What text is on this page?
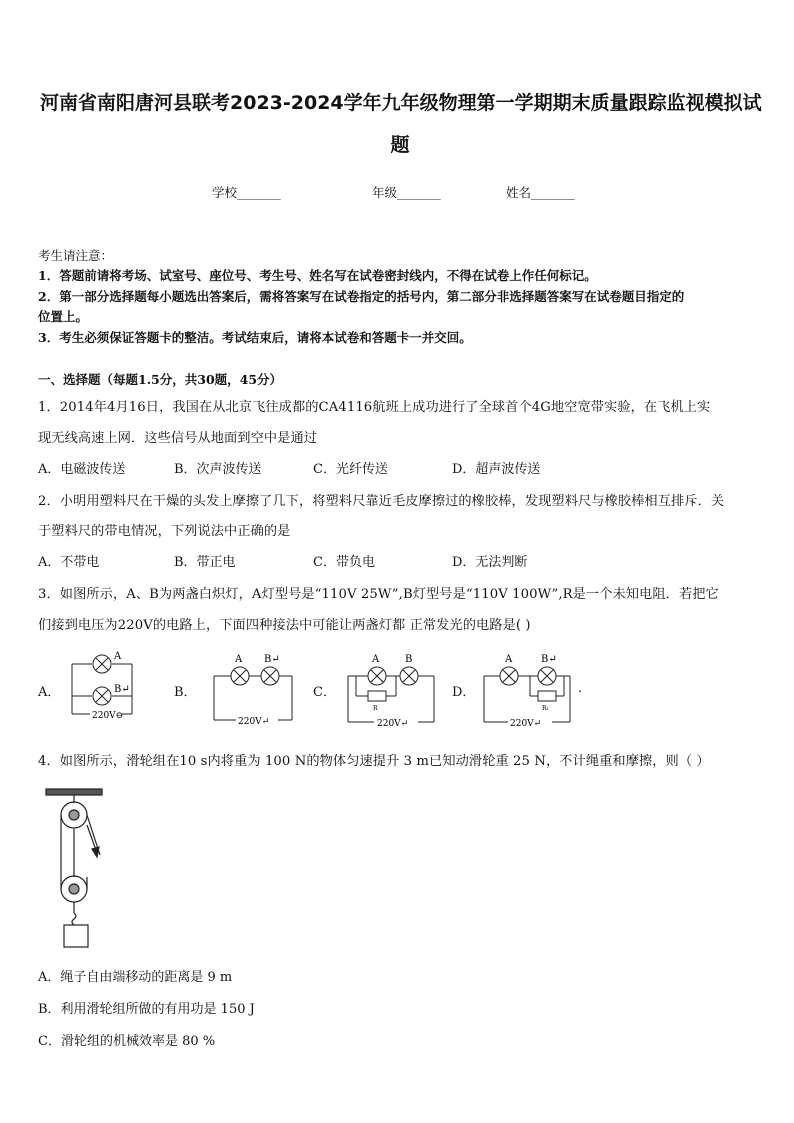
河南省南阳唐河县联考2023-2024学年九年级物理第一学期期末质量跟踪监视模拟试
题
学校_______	年级_______	姓名_______
考生请注意：
1．答题前请将考场、试室号、座位号、考生号、姓名写在试卷密封线内，不得在试卷上作任何标记。
2．第一部分选择题每小题选出答案后，需将答案写在试卷指定的括号内，第二部分非选择题答案写在试卷题目指定的
位置上。
3．考生必须保证答题卡的整洁。考试结束后，请将本试卷和答题卡一并交回。
一、选择题（每题1.5分，共30题，45分）
1．2014年4月16日，我国在从北京飞往成都的CA4116航班上成功进行了全球首个4G地空宽带实验，在飞机上实
现无线高速上网．这些信号从地面到空中是通过
A．电磁波传送	B．次声波传送	C．光纤传送	D．超声波传送
2．小明用塑料尺在干燥的头发上摩擦了几下，将塑料尺靠近毛皮摩擦过的橡胶棒，发现塑料尺与橡胶棒相互排斥．关
于塑料尺的带电情况，下列说法中正确的是
A．不带电	B．带正电	C．带负电	D．无法判断
3．如图所示，A、B为两盏白炽灯，A灯型号是“110V 25W”,B灯型号是“110V 100W”,R是一个未知电阻．若把它
们接到电压为220V的电路上，下面四种接法中可能让两盏灯都 正常发光的电路是( )
A．	B．	C．	D．	.
A
B↵
220V⊖
A B↵
220V↵
A	B
R
220V↵
A	B↵
R₁
220V↵
4．如图所示，滑轮组在10 s内将重为 100 N的物体匀速提升 3 m已知动滑轮重 25 N，不计绳重和摩擦，则（ ）
A．绳子自由端移动的距离是 9 m
B．利用滑轮组所做的有用功是 150 J
C．滑轮组的机械效率是 80 %
